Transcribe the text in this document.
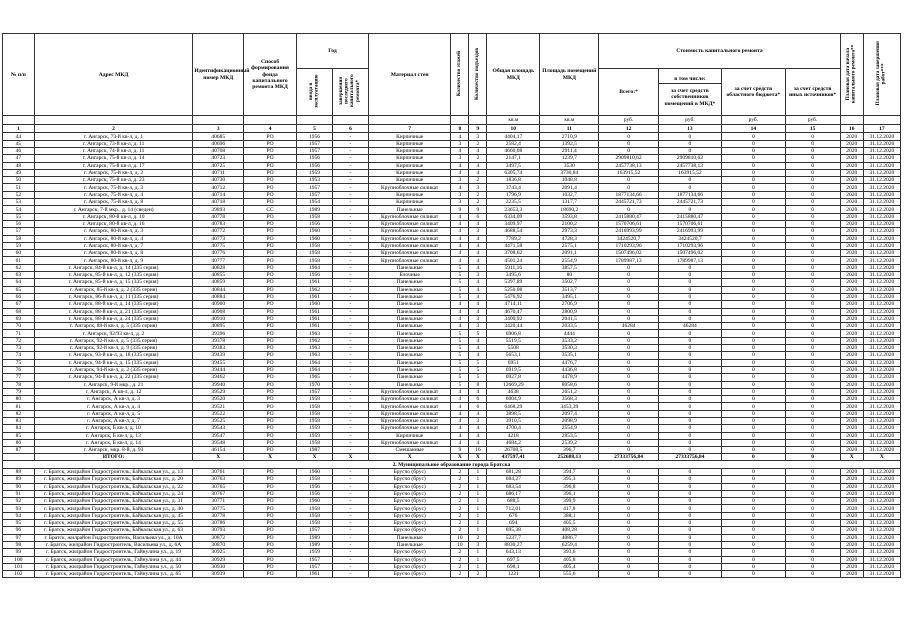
№ п/п	Адрес МКД	Идентификационный номер МКД	Способ формирования фонда капитального ремонта МКД	Год		Материал стен	Количество этажей	Количество подъездов	Общая площадь МКД	Площадь помещений МКД	Стоимость капитального ремонта				Плановая дата начала капитального ремонта**	Плановая дата завершения работ***
				ввода в эксплуатацию	завершения последнего капитального ремонта*						Всего:*	в том числе:
за счет средств собственников помещений в МКД*	за счет средств областного бюджета*	за счет средств иных источников*		
									кв.м	кв.м	руб.	руб.	руб.	руб.		
1	2	3	4	5	6	7	8	9	10	11	12	13	14	15	16	17
44	г. Ангарск, 73-й кв-л, д. 1	40685	РО	1956	-	Кирпичные	4	3	4404,17	2710,9	0	0	0	0	2020	31.12.2020
45	г. Ангарск, 73-й кв-л, д. 11	40696	РО	1957	-	Кирпичные	3	2	2582,4	1392,5	0	0	0	0	2020	31.12.2020
46	г. Ангарск, 74-й кв-л, д. 11	40708	РО	1957	-	Кирпичные	4	4	4660,08	2911,4	0	0	0	0	2020	31.12.2020
47	г. Ангарск, 75-й кв-л, д. 14	40723	РО	1956	-	Кирпичные	3	2	2147,1	1239,7	2909810,62	2909810,62	0	0	2020	31.12.2020
48	г. Ангарск, 75-й кв-л, д. 17	40725	РО	1956	-	Кирпичные	4	4	3497,5	3530	2457738,13	2457738,13	0	0	2020	31.12.2020
49	г. Ангарск, 75-й кв-л, д. 2	40711	РО	1959	-	Кирпичные	4	4	6305,74	3730,84	163915,52	163915,52	0	0	2020	31.12.2020
50	г. Ангарск, 75-й кв-л, д. 23	40730	РО	1953	-	Кирпичные	3	2	1836,8	1048,8	0	0	0	0	2020	31.12.2020
51	г. Ангарск, 75-й кв-л, д. 3	40712	РО	1957	-	Крупноблочные силикат	4	3	3743,4	2091,4	0	0	0	0	2020	31.12.2020
52	г. Ангарск, 75-й кв-л, д. 4	40714	РО	1957	-	Кирпичные	3	2	1796,9	1032,7	1877134,66	1877134,66	0	0	2020	31.12.2020
53	г. Ангарск, 75-й кв-л, д. 8	40718	РО	1954	-	Кирпичные	3	2	2235,5	1317,7	2445721,73	2445721,73	0	0	2020	31.12.2020
54	г. Ангарск, 7-й мкр., д. 14 (сведен)	39893	СС	1989	-	Панельные	9	9	23653,3	18690,2	0	0	0	0	2020	31.12.2020
55	г. Ангарск, 80-й кв-л, д. 10	40778	РО	1958	-	Крупноблочные силикат	4	6	6334,09	3593,8	2415880,47	2415880,47	0	0	2020	31.12.2020
56	г. Ангарск, 80-й кв-л, д. 16	40783	РО	1956	-	Крупноблочные силикат	4	4	3409,97	2100,2	1570706,61	1570706,61	0	0	2020	31.12.2020
57	г. Ангарск, 80-й кв-л, д. 3	40772	РО	1960	-	Крупноблочные силикат	4	3	4688,54	2973,3	2416993,99	2416993,99	0	0	2020	31.12.2020
58	г. Ангарск, 80-й кв-л, д. 4	40773	РО	1960	-	Крупноблочные силикат	4	4	7789,2	4728,3	3424520,7	3424520,7	0	0	2020	31.12.2020
59	г. Ангарск, 80-й кв-л, д. 7	40775	РО	1958	-	Крупноблочные силикат	4	4	4471,58	2575,1	1710293,96	1710293,96	0	0	2020	31.12.2020
60	г. Ангарск, 80-й кв-л, д. 8	40776	РО	1958	-	Крупноблочные силикат	4	4	3708,62	2091,1	1507496,02	1507496,02	0	0	2020	31.12.2020
61	г. Ангарск, 80-й кв-л, д. 9	40777	РО	1958	-	Крупноблочные силикат	4	4	4501,24	2554,9	1789987,13	1789987,13	0	0	2020	31.12.2020
62	г. Ангарск, 84-й кв-л, д. 14 (335 серия)	40828	РО	1964	-	Панельные	5	4	5911,16	3857,5	0	0	0	0	2020	31.12.2020
63	г. Ангарск, 85-й кв-л, д. 12 (335 серия)	40855	РО	1956	-	Блочные	5	3	3495,6	80	0	0	0	0	2020	31.12.2020
64	г. Ангарск, 85-й кв-л, д. 15 (335 серия)	40859	РО	1961	-	Панельные	5	4	5397,89	3502,7	0	0	0	0	2020	31.12.2020
65	г. Ангарск, 85-й кв-л, д. 2 (335 серия)	40844	РО	1962	-	Панельные	5	4	5250,08	3513,7	0	0	0	0	2020	31.12.2020
66	г. Ангарск, 86-й кв-л, д. 11 (335 серия)	40884	РО	1961	-	Панельные	5	4	5476,92	3495,1	0	0	0	0	2020	31.12.2020
67	г. Ангарск, 88-й кв-л, д. 14 (335 серия)	40900	РО	1960	-	Панельные	4	4	4714,11	2706,9	0	0	0	0	2020	31.12.2020
68	г. Ангарск, 88-й кв-л, д. 21 (335 серия)	40908	РО	1961	-	Панельные	4	4	4670,47	2800,9	0	0	0	0	2020	31.12.2020
69	г. Ангарск, 88-й кв-л, д. 24 (335 серия)	40910	РО	1961	-	Панельные	4	3	3400,92	2041,5	0	0	0	0	2020	31.12.2020
70	г. Ангарск, 88-й кв-л, д. 5 (335 серия)	40895	РО	1961	-	Панельные	4	3	3420,44	2033,5	46284	46284	0	0	2020	31.12.2020
71	г. Ангарск, 92/93 кв-л, д. 2	39396	РО	1963	-	Панельные	5	5	6906,8	4444	0	0	0	0	2020	31.12.2020
72	г. Ангарск, 92-й кв-л, д. 5 (335 серия)	39378	РО	1962	-	Панельные	5	4	5519,5	3533,2	0	0	0	0	2020	31.12.2020
73	г. Ангарск, 92-й кв-л, д. 9 (335 серия)	39383	РО	1963	-	Панельные	5	4	5508	3530,3	0	0	0	0	2020	31.12.2020
74	г. Ангарск, 93-й кв-л, д. 18 (335 серия)	39439	РО	1963	-	Панельные	5	4	5653,1	3535,1	0	0	0	0	2020	31.12.2020
75	г. Ангарск, 94-й кв-л, д. 15 (335 серия)	39455	РО	1964	-	Панельные	5	5	6951	4476,7	0	0	0	0	2020	31.12.2020
76	г. Ангарск, 94-й кв-л, д. 2 (335 серия)	39444	РО	1964	-	Панельные	5	5	6919,5	4436,8	0	0	0	0	2020	31.12.2020
77	г. Ангарск, 94-й кв-л, д. 22 (335 серия)	39462	РО	1965	-	Панельные	5	5	6927,8	4478,9	0	0	0	0	2020	31.12.2020
78	г. Ангарск, 9-й мкр., д. 21	39940	РО	1970	-	Панельные	5	8	12669,29	8058,6	0	0	0	0	2020	31.12.2020
79	г. Ангарск, А кв-л, д. 12	39529	РО	1957	-	Крупноблочные силикат	4	4	4638	2651,2	0	0	0	0	2020	31.12.2020
80	г. Ангарск, А кв-л, д. 3	39520	РО	1958	-	Крупноблочные силикат	4	6	6004,9	3568,3	0	0	0	0	2020	31.12.2020
81	г. Ангарск, А кв-л, д. 4	39521	РО	1958	-	Крупноблочные силикат	4	6	6468,29	3453,39	0	0	0	0	2020	31.12.2020
82	г. Ангарск, А кв-л, д. 5	39522	РО	1958	-	Крупноблочные силикат	4	4	3898,5	2097,4	0	0	0	0	2020	31.12.2020
83	г. Ангарск, А кв-л, д. 7	39525	РО	1958	-	Крупноблочные силикат	4	3	3910,5	2098,9	0	0	0	0	2020	31.12.2020
84	г. Ангарск, Б кв-л, д. 10	39543	РО	1959	-	Крупноблочные силикат	4	4	4700,4	2554,9	0	0	0	0	2020	31.12.2020
85	г. Ангарск, Б кв-л, д. 13	39547	РО	1959	-	Кирпичные	4	4	4218	2853,5	0	0	0	0	2020	31.12.2020
86	г. Ангарск, Б кв-л, д. 14	39548	РО	1958	-	Крупноблочные силикат	4	4	4684,2	2539,2	0	0	0	0	2020	31.12.2020
87	г. Ангарск, мкр. 8-й, д. 93	46154	РО	1987	-	Смешанные	9	16	26708,5	396,7	0	0	0	0	2020	31.12.2020
	ИТОГО:	X	X	X	X	X	X	X	437597,41	252688,13	27333756,84	27333756,84	0	0	X	X
2. Муниципальное образование города Братска																
88	г. Братск, жилрайон Гидростроитель, Байкальская ул., д. 13	30761	РО	1960	-	Брусчо (брус)	2	1	681,28	394,7	0	0	0	0	2020	31.12.2020
89	г. Братск, жилрайон Гидростроитель, Байкальская ул., д. 20	30763	РО	1958	-	Брусчо (брус)	2	1	684,27	395,3	0	0	0	0	2020	31.12.2020
90	г. Братск, жилрайон Гидростроитель, Байкальская ул., д. 22	30765	РО	1956	-	Брусчо (брус)	2	1	683,54	396,8	0	0	0	0	2020	31.12.2020
91	г. Братск, жилрайон Гидростроитель, Байкальская ул., д. 24	30767	РО	1956	-	Брусчо (брус)	2	1	686,17	396,1	0	0	0	0	2020	31.12.2020
92	г. Братск, жилрайон Гидростроитель, Байкальская ул., д. 31	30771	РО	1960	-	Брусчо (брус)	2	1	688,5	399,9	0	0	0	0	2020	31.12.2020
93	г. Братск, жилрайон Гидростроитель, Байкальская ул., д. 40	30775	РО	1958	-	Брусчо (брус)	2	1	712,01	417,8	0	0	0	0	2020	31.12.2020
94	г. Братск, жилрайон Гидростроитель, Байкальская ул., д. 45	30778	РО	1958	-	Брусчо (брус)	2	1	676	388,1	0	0	0	0	2020	31.12.2020
95	г. Братск, жилрайон Гидростроитель, Байкальская ул., д. 55	30786	РО	1958	-	Брусчо (брус)	2	1	694	405,5	0	0	0	0	2020	31.12.2020
96	г. Братск, жилрайон Гидростроитель, Байкальская ул., д. 63	30793	РО	1957	-	Брусчо (брус)	2	1	695,38	408,28	0	0	0	0	2020	31.12.2020
97	г. Братск, жилрайон Гидростроитель, Васильева ул., д. 10А	30872	РО	1989	-	Панельные	10	2	5237,7	4086,7	0	0	0	0	2020	31.12.2020
98	г. Братск, жилрайон Гидростроитель, Васильева ул., д. 6А	30870	РО	1989	-	Панельные	10	3	8830,27	6259,4	0	0	0	0	2020	31.12.2020
99	г. Братск, жилрайон Гидростроитель, Гайнулина ул., д. 19	30925	РО	1959	-	Брусчо (брус)	2	1	643,13	393,6	0	0	0	0	2020	31.12.2020
100	г. Братск, жилрайон Гидростроитель, Гайнулина ул., д. 44	30929	РО	1957	-	Брусчо (брус)	2	1	697,5	405,8	0	0	0	0	2020	31.12.2020
101	г. Братск, жилрайон Гидростроитель, Гайнулина ул., д. 50	30930	РО	1957	-	Брусчо (брус)	2	1	698,1	405,4	0	0	0	0	2020	31.12.2020
102	г. Братск, жилрайон Гидростроитель, Гайнулина ул., д. 65	30939	РО	1961	-	Брусчо (брус)	2	2	1221	555,6	0	0	0	0	2020	31.12.2020
